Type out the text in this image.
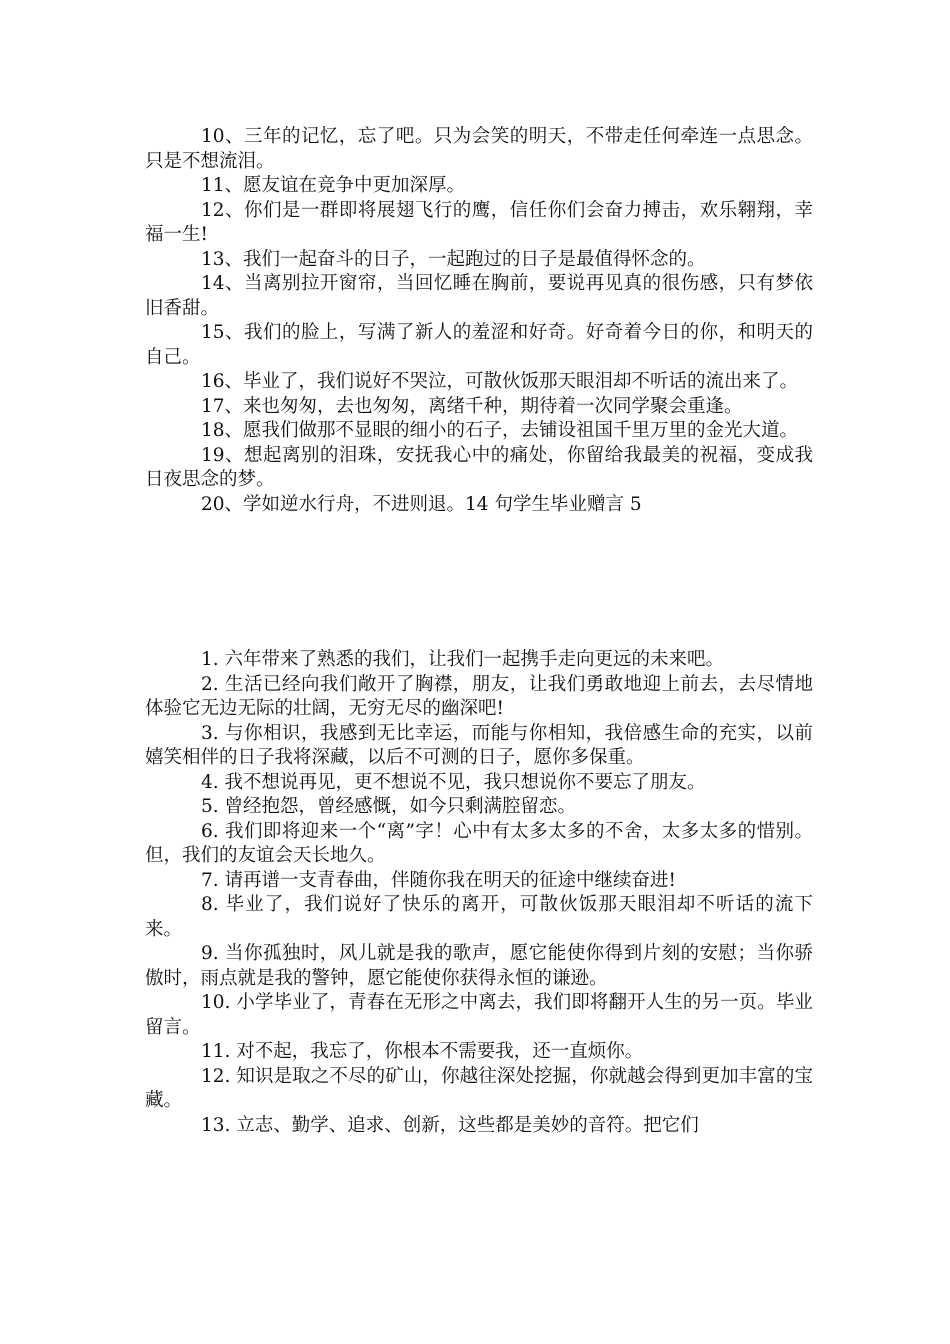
10、三年的记忆，忘了吧。只为会笑的明天，不带走任何牵连一点思念。只是不想流泪。

11、愿友谊在竞争中更加深厚。

12、你们是一群即将展翅飞行的鹰，信任你们会奋力搏击，欢乐翱翔，幸福一生!

13、我们一起奋斗的日子，一起跑过的日子是最值得怀念的。

14、当离别拉开窗帘，当回忆睡在胸前，要说再见真的很伤感，只有梦依旧香甜。

15、我们的脸上，写满了新人的羞涩和好奇。好奇着今日的你，和明天的自己。

16、毕业了，我们说好不哭泣，可散伙饭那天眼泪却不听话的流出来了。

17、来也匆匆，去也匆匆，离绪千种，期待着一次同学聚会重逢。

18、愿我们做那不显眼的细小的石子，去铺设祖国千里万里的金光大道。

19、想起离别的泪珠，安抚我心中的痛处，你留给我最美的祝福，变成我日夜思念的梦。

20、学如逆水行舟，不进则退。14 句学生毕业赠言 5

1. 六年带来了熟悉的我们，让我们一起携手走向更远的未来吧。

2. 生活已经向我们敞开了胸襟，朋友，让我们勇敢地迎上前去，去尽情地体验它无边无际的壮阔，无穷无尽的幽深吧!

3. 与你相识，我感到无比幸运，而能与你相知，我倍感生命的充实，以前嬉笑相伴的日子我将深藏，以后不可测的日子，愿你多保重。

4. 我不想说再见，更不想说不见，我只想说你不要忘了朋友。

5. 曾经抱怨，曾经感慨，如今只剩满腔留恋。

6. 我们即将迎来一个“离”字！心中有太多太多的不舍，太多太多的惜别。但，我们的友谊会天长地久。

7. 请再谱一支青春曲，伴随你我在明天的征途中继续奋进!

8. 毕业了，我们说好了快乐的离开，可散伙饭那天眼泪却不听话的流下来。

9. 当你孤独时，风儿就是我的歌声，愿它能使你得到片刻的安慰；当你骄傲时，雨点就是我的警钟，愿它能使你获得永恒的谦逊。

10. 小学毕业了，青春在无形之中离去，我们即将翻开人生的另一页。毕业留言。

11. 对不起，我忘了，你根本不需要我，还一直烦你。

12. 知识是取之不尽的矿山，你越往深处挖掘，你就越会得到更加丰富的宝藏。

13. 立志、勤学、追求、创新，这些都是美妙的音符。把它们
